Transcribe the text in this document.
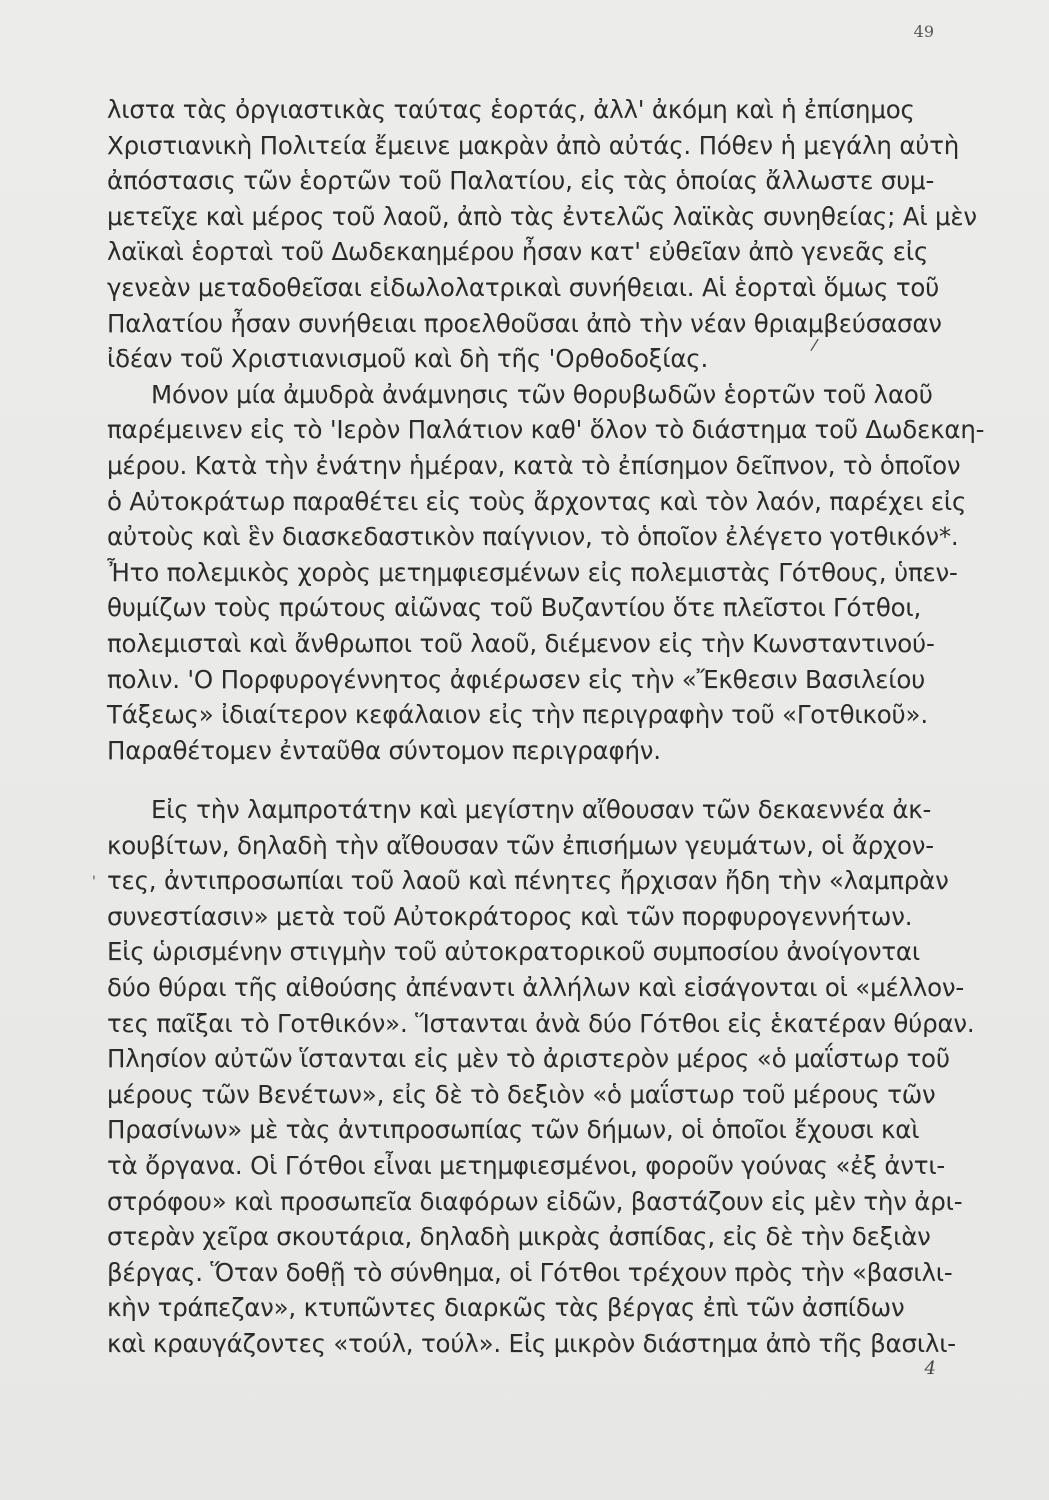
49
/
'
λιστα τὰς ὀργιαστικὰς ταύτας ἑορτάς, ἀλλ' ἀκόμη καὶ ἡ ἐπίσημος
Χριστιανικὴ Πολιτεία ἔμεινε μακρὰν ἀπὸ αὐτάς. Πόθεν ἡ μεγάλη αὐτὴ
ἀπόστασις τῶν ἑορτῶν τοῦ Παλατίου, εἰς τὰς ὁποίας ἄλλωστε συμ-
μετεῖχε καὶ μέρος τοῦ λαοῦ, ἀπὸ τὰς ἐντελῶς λαϊκὰς συνηθείας; Αἱ μὲν
λαϊκαὶ ἑορταὶ τοῦ Δωδεκαημέρου ἦσαν κατ' εὐθεῖαν ἀπὸ γενεᾶς εἰς
γενεὰν μεταδοθεῖσαι εἰδωλολατρικαὶ συνήθειαι. Αἱ ἑορταὶ ὅμως τοῦ
Παλατίου ἦσαν συνήθειαι προελθοῦσαι ἀπὸ τὴν νέαν θριαμβεύσασαν
ἰδέαν τοῦ Χριστιανισμοῦ καὶ δὴ τῆς 'Ορθοδοξίας.
Μόνον μία ἀμυδρὰ ἀνάμνησις τῶν θορυβωδῶν ἑορτῶν τοῦ λαοῦ
παρέμεινεν εἰς τὸ 'Ιερὸν Παλάτιον καθ' ὅλον τὸ διάστημα τοῦ Δωδεκαη-
μέρου. Κατὰ τὴν ἐνάτην ἡμέραν, κατὰ τὸ ἐπίσημον δεῖπνον, τὸ ὁποῖον
ὁ Αὐτοκράτωρ παραθέτει εἰς τοὺς ἄρχοντας καὶ τὸν λαόν, παρέχει εἰς
αὐτοὺς καὶ ἓν διασκεδαστικὸν παίγνιον, τὸ ὁποῖον ἐλέγετο γοτθικόν*.
Ἦτο πολεμικὸς χορὸς μετημφιεσμένων εἰς πολεμιστὰς Γότθους, ὑπεν-
θυμίζων τοὺς πρώτους αἰῶνας τοῦ Βυζαντίου ὅτε πλεῖστοι Γότθοι,
πολεμισταὶ καὶ ἄνθρωποι τοῦ λαοῦ, διέμενον εἰς τὴν Κωνσταντινού-
πολιν. 'Ο Πορφυρογέννητος ἀφιέρωσεν εἰς τὴν «Ἔκθεσιν Βασιλείου
Τάξεως» ἰδιαίτερον κεφάλαιον εἰς τὴν περιγραφὴν τοῦ «Γοτθικοῦ».
Παραθέτομεν ἐνταῦθα σύντομον περιγραφήν.
Εἰς τὴν λαμπροτάτην καὶ μεγίστην αἴθουσαν τῶν δεκαεννέα ἀκ-
κουβίτων, δηλαδὴ τὴν αἴθουσαν τῶν ἐπισήμων γευμάτων, οἱ ἄρχον-
τες, ἀντιπροσωπίαι τοῦ λαοῦ καὶ πένητες ἤρχισαν ἤδη τὴν «λαμπρὰν
συνεστίασιν» μετὰ τοῦ Αὐτοκράτορος καὶ τῶν πορφυρογεννήτων.
Εἰς ὡρισμένην στιγμὴν τοῦ αὐτοκρατορικοῦ συμποσίου ἀνοίγονται
δύο θύραι τῆς αἰθούσης ἀπέναντι ἀλλήλων καὶ εἰσάγονται οἱ «μέλλον-
τες παῖξαι τὸ Γοτθικόν». Ἵστανται ἀνὰ δύο Γότθοι εἰς ἑκατέραν θύραν.
Πλησίον αὐτῶν ἵστανται εἰς μὲν τὸ ἀριστερὸν μέρος «ὁ μαΐστωρ τοῦ
μέρους τῶν Βενέτων», εἰς δὲ τὸ δεξιὸν «ὁ μαΐστωρ τοῦ μέρους τῶν
Πρασίνων» μὲ τὰς ἀντιπροσωπίας τῶν δήμων, οἱ ὁποῖοι ἔχουσι καὶ
τὰ ὄργανα. Οἱ Γότθοι εἶναι μετημφιεσμένοι, φοροῦν γούνας «ἐξ ἀντι-
στρόφου» καὶ προσωπεῖα διαφόρων εἰδῶν, βαστάζουν εἰς μὲν τὴν ἀρι-
στερὰν χεῖρα σκουτάρια, δηλαδὴ μικρὰς ἀσπίδας, εἰς δὲ τὴν δεξιὰν
βέργας. Ὅταν δοθῇ τὸ σύνθημα, οἱ Γότθοι τρέχουν πρὸς τὴν «βασιλι-
κὴν τράπεζαν», κτυπῶντες διαρκῶς τὰς βέργας ἐπὶ τῶν ἀσπίδων
καὶ κραυγάζοντες «τούλ, τούλ». Εἰς μικρὸν διάστημα ἀπὸ τῆς βασιλι-
4
